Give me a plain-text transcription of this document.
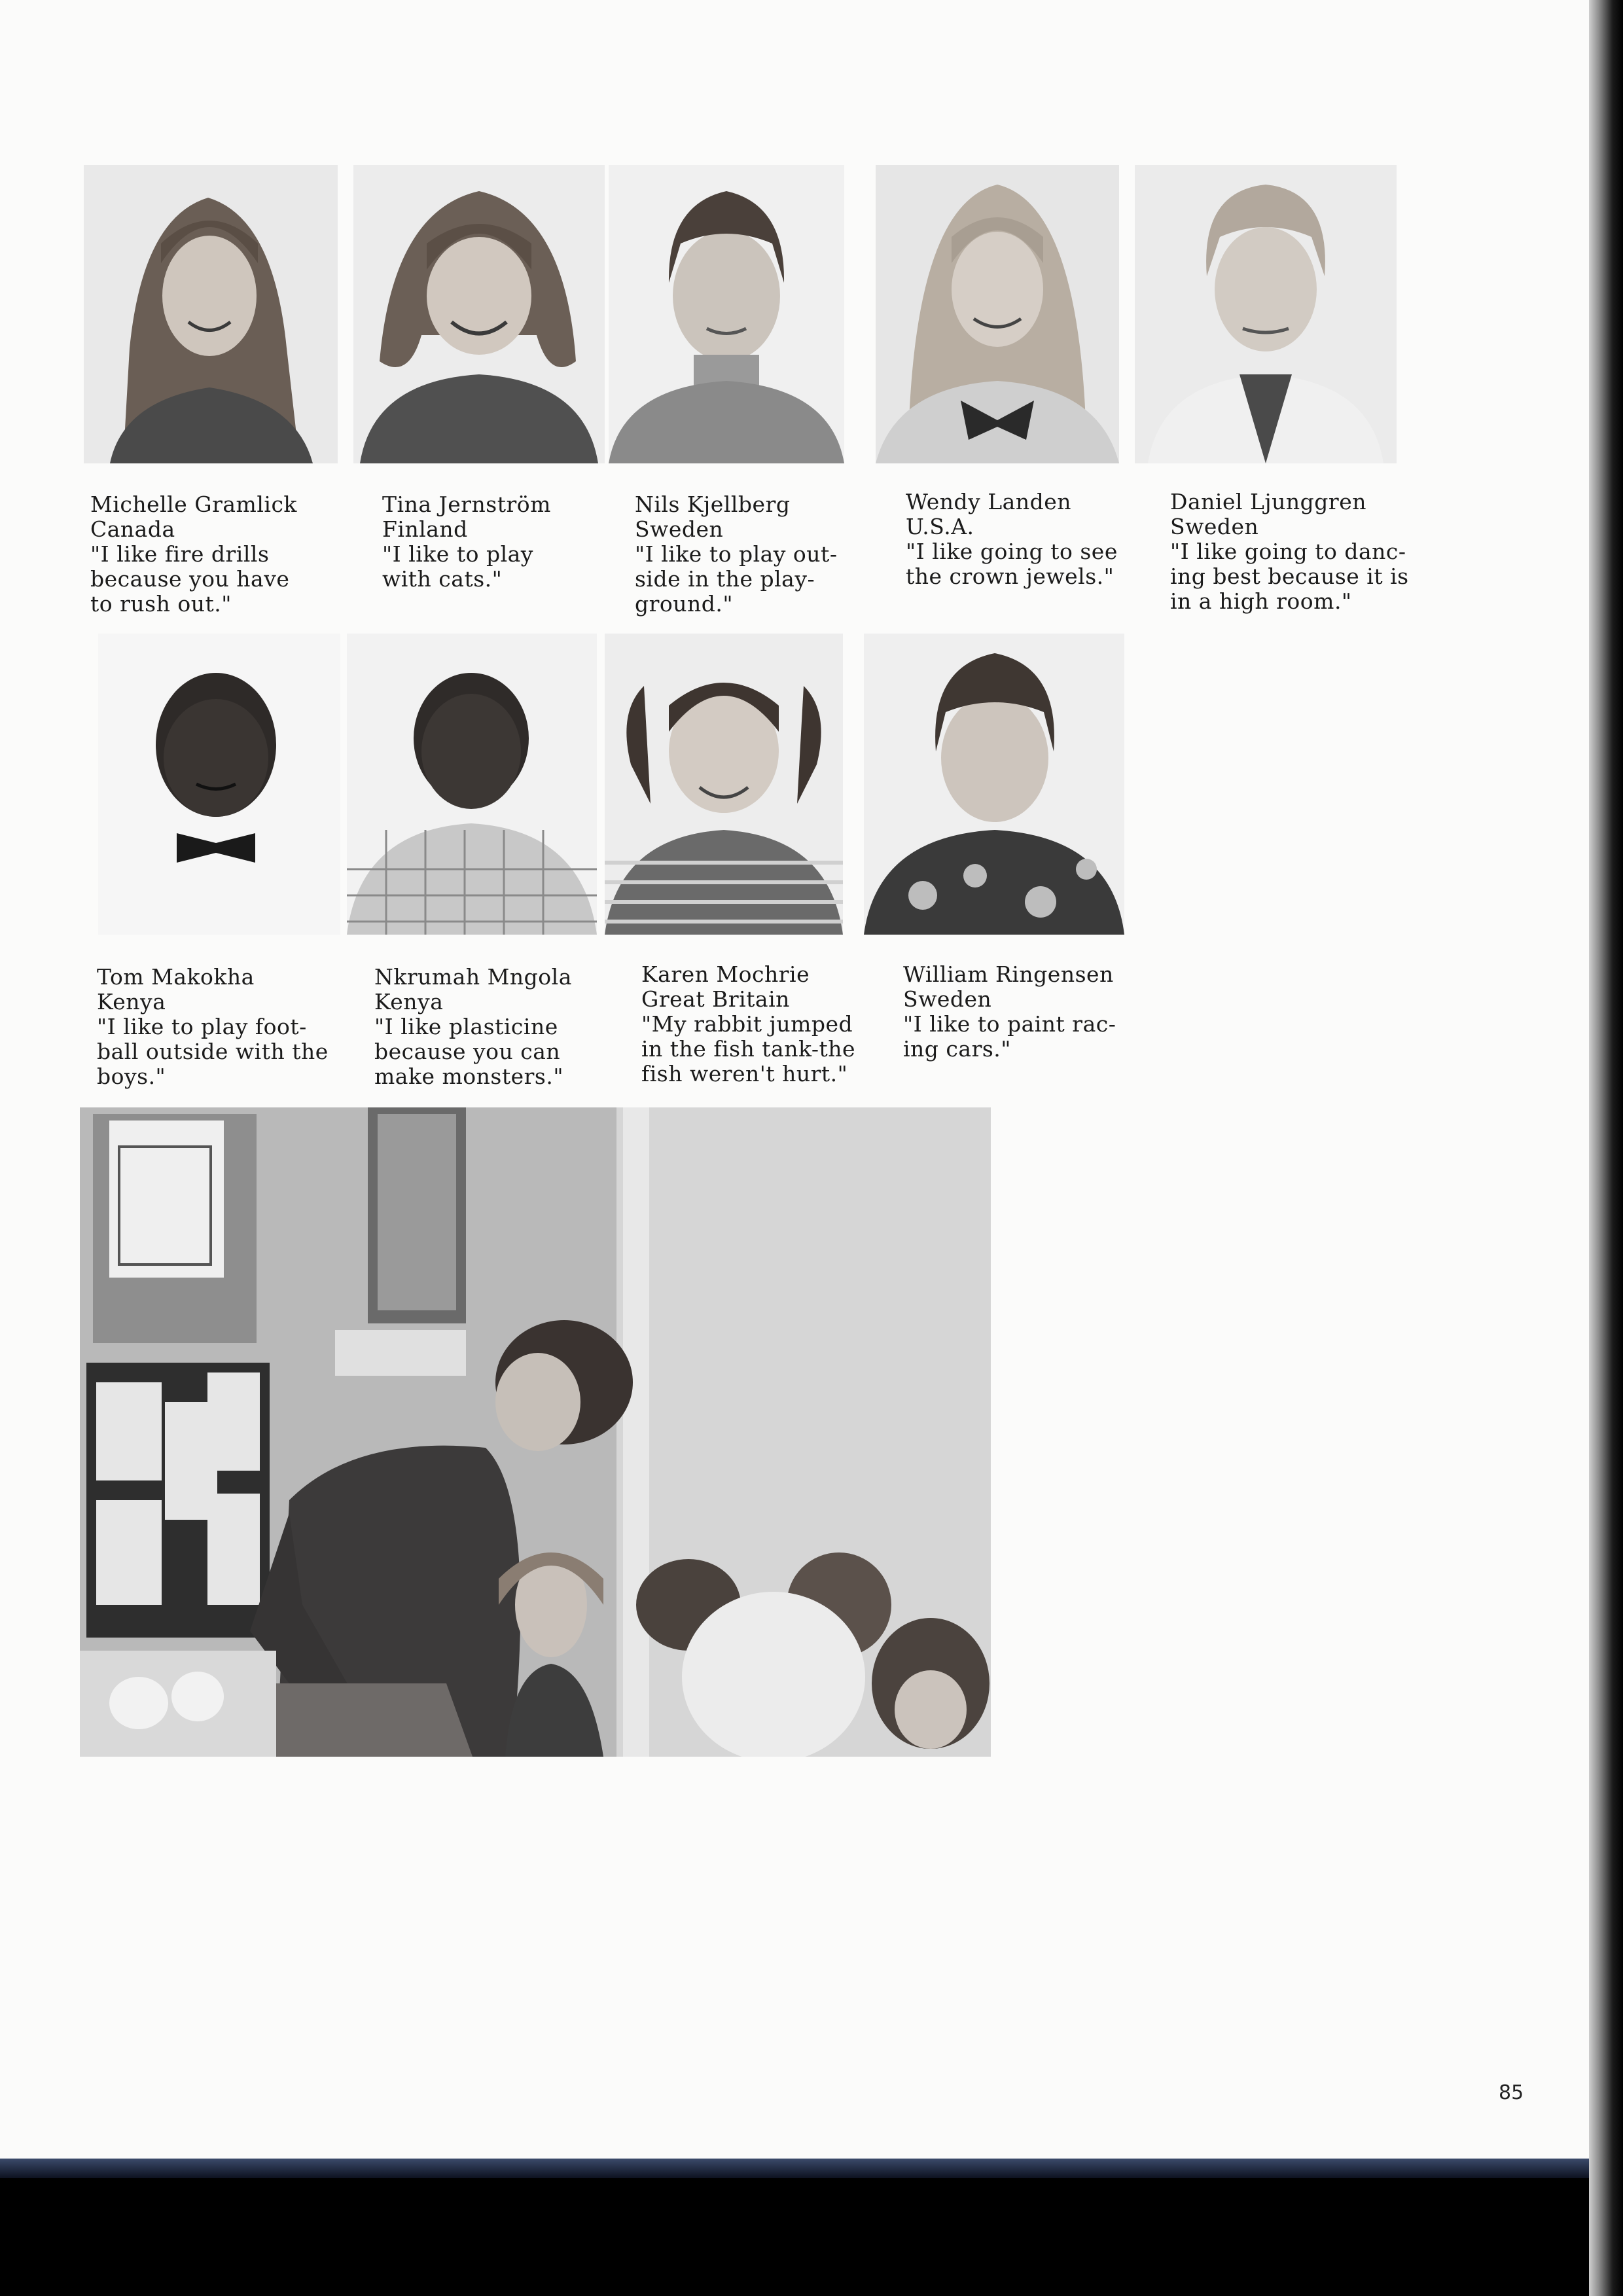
Michelle Gramlick
Canada
"I like fire drills
because you have
to rush out."
Tina Jernström
Finland
"I like to play
with cats."
Nils Kjellberg
Sweden
"I like to play out-
side in the play-
ground."
Wendy Landen
U.S.A.
"I like going to see
the crown jewels."
Daniel Ljunggren
Sweden
"I like going to danc-
ing best because it is
in a high room."
Tom Makokha
Kenya
"I like to play foot-
ball outside with the
boys."
Nkrumah Mngola
Kenya
"I like plasticine
because you can
make monsters."
Karen Mochrie
Great Britain
"My rabbit jumped
in the fish tank-the
fish weren't hurt."
William Ringensen
Sweden
"I like to paint rac-
ing cars."
85
